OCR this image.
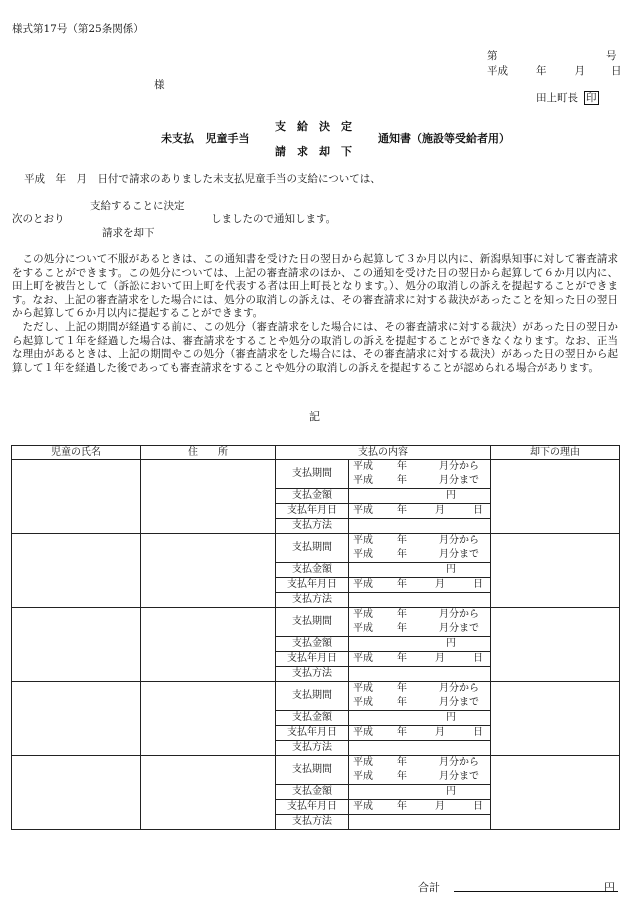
様式第17号（第25条関係）
第	号
平成	年	月 日
様
田上町長 印
支　給　決　定
未支払 児童手当	通知書（施設等受給者用）
請　求　却　下
平成　年　月　日付で請求のありました未支払児童手当の支給については、
支給することに決定
次のとおり	しましたので通知します。
請求を却下

この処分について不服があるときは、この通知書を受けた日の翌日から起算して３か月以内に、新潟県知事に対して審査請求をすることができます。この処分については、上記の審査請求のほか、この通知を受けた日の翌日から起算して６か月以内に、田上町を被告として（訴訟において田上町を代表する者は田上町長となります。）、処分の取消しの訴えを提起することができます。なお、上記の審査請求をした場合には、処分の取消しの訴えは、その審査請求に対する裁決があったことを知った日の翌日から起算して６か月以内に提起することができます。

ただし、上記の期間が経過する前に、この処分（審査請求をした場合には、その審査請求に対する裁決）があった日の翌日から起算して１年を経過した場合は、審査請求をすることや処分の取消しの訴えを提起することができなくなります。なお、正当な理由があるときは、上記の期間やこの処分（審査請求をした場合には、その審査請求に対する裁決）があった日の翌日から起算して１年を経過した後であっても審査請求をすることや処分の取消しの訴えを提起することが認められる場合があります。

記
児童の氏名	住　　所	支払の内容		却下の理由
		支払期間	平成 年 月分から
平成 年 月分まで	

		支払金額	円	
		支払年月日	平成 年 月 日	
		支払方法		
		支払期間	平成 年 月分から
平成 年 月分まで	

		支払金額	円	
		支払年月日	平成 年 月 日	
		支払方法		
		支払期間	平成 年 月分から
平成 年 月分まで	

		支払金額	円	
		支払年月日	平成 年 月 日	
		支払方法		
		支払期間	平成 年 月分から
平成 年 月分まで	

		支払金額	円	
		支払年月日	平成 年 月 日	
		支払方法		
		支払期間	平成 年 月分から
平成 年 月分まで	

		支払金額	円	
		支払年月日	平成 年 月 日	
		支払方法		
合計	円
